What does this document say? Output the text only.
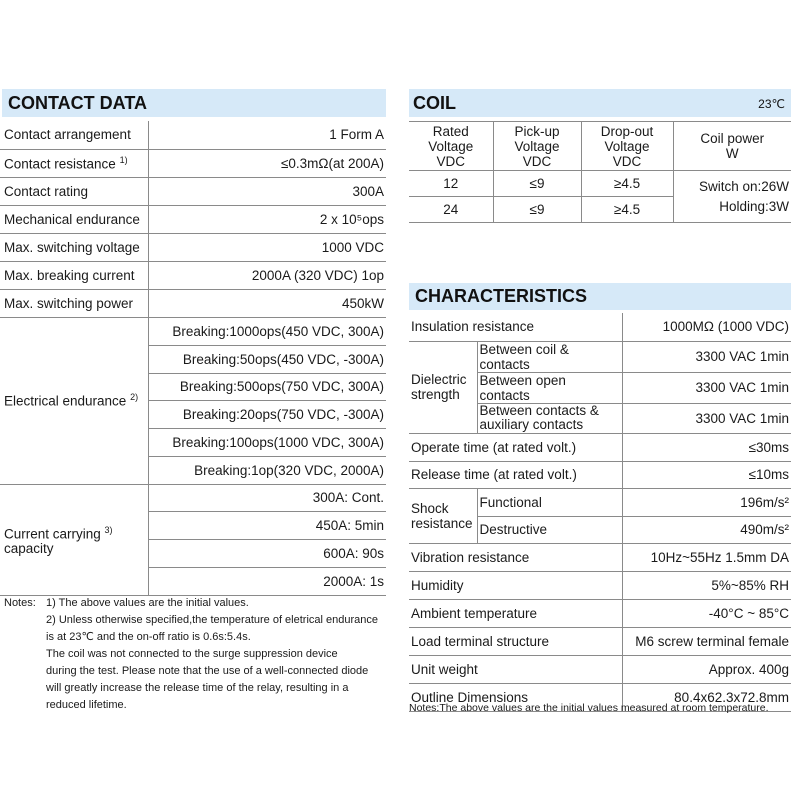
CONTACT DATA
Contact arrangement	1 Form A
Contact resistance $^{1)}$	≤0.3mΩ(at 200A)
Contact rating	300A
Mechanical endurance	2 x 10⁵ops
Max. switching voltage	1000 VDC
Max. breaking current	2000A (320 VDC) 1op
Max. switching power	450kW
Electrical endurance $^{2)}$	Breaking:1000ops(450 VDC, 300A)
	Breaking:50ops(450 VDC, -300A)
	Breaking:500ops(750 VDC, 300A)
	Breaking:20ops(750 VDC, -300A)
	Breaking:100ops(1000 VDC, 300A)
	Breaking:1op(320 VDC, 2000A)
Current carrying $^{3)}$
capacity	300A: Cont.
	450A: 5min
	600A: 90s
	2000A: 1s
Notes: 1) The above values are the initial values.
2) Unless otherwise specified,the temperature of eletrical endurance
is at 23℃ and the on-off ratio is 0.6s:5.4s.
The coil was not connected to the surge suppression device
during the test. Please note that the use of a well-connected diode
will greatly increase the release time of the relay, resulting in a
reduced lifetime.
COIL	23℃
Rated
Voltage
VDC	Pick-up
Voltage
VDC	Drop-out
Voltage
VDC	Coil power
W
12	≤9	≥4.5	Switch on:26W
Holding:3W
24	≤9	≥4.5	
CHARACTERISTICS
Insulation resistance		1000MΩ (1000 VDC)
Dielectric
strength	Between coil & contacts	3300 VAC 1min
	Between open contacts	3300 VAC 1min
	Between contacts &
auxiliary contacts	3300 VAC 1min
Operate time (at rated volt.)		≤30ms
Release time (at rated volt.)		≤10ms
Shock
resistance	Functional	196m/s²
	Destructive	490m/s²
Vibration resistance		10Hz~55Hz 1.5mm DA
Humidity		5%~85% RH
Ambient temperature		-40°C ~ 85°C
Load terminal structure		M6 screw terminal female
Unit weight		Approx. 400g
Outline Dimensions		80.4x62.3x72.8mm
Notes:The above values are the initial values measured at room temperature.
